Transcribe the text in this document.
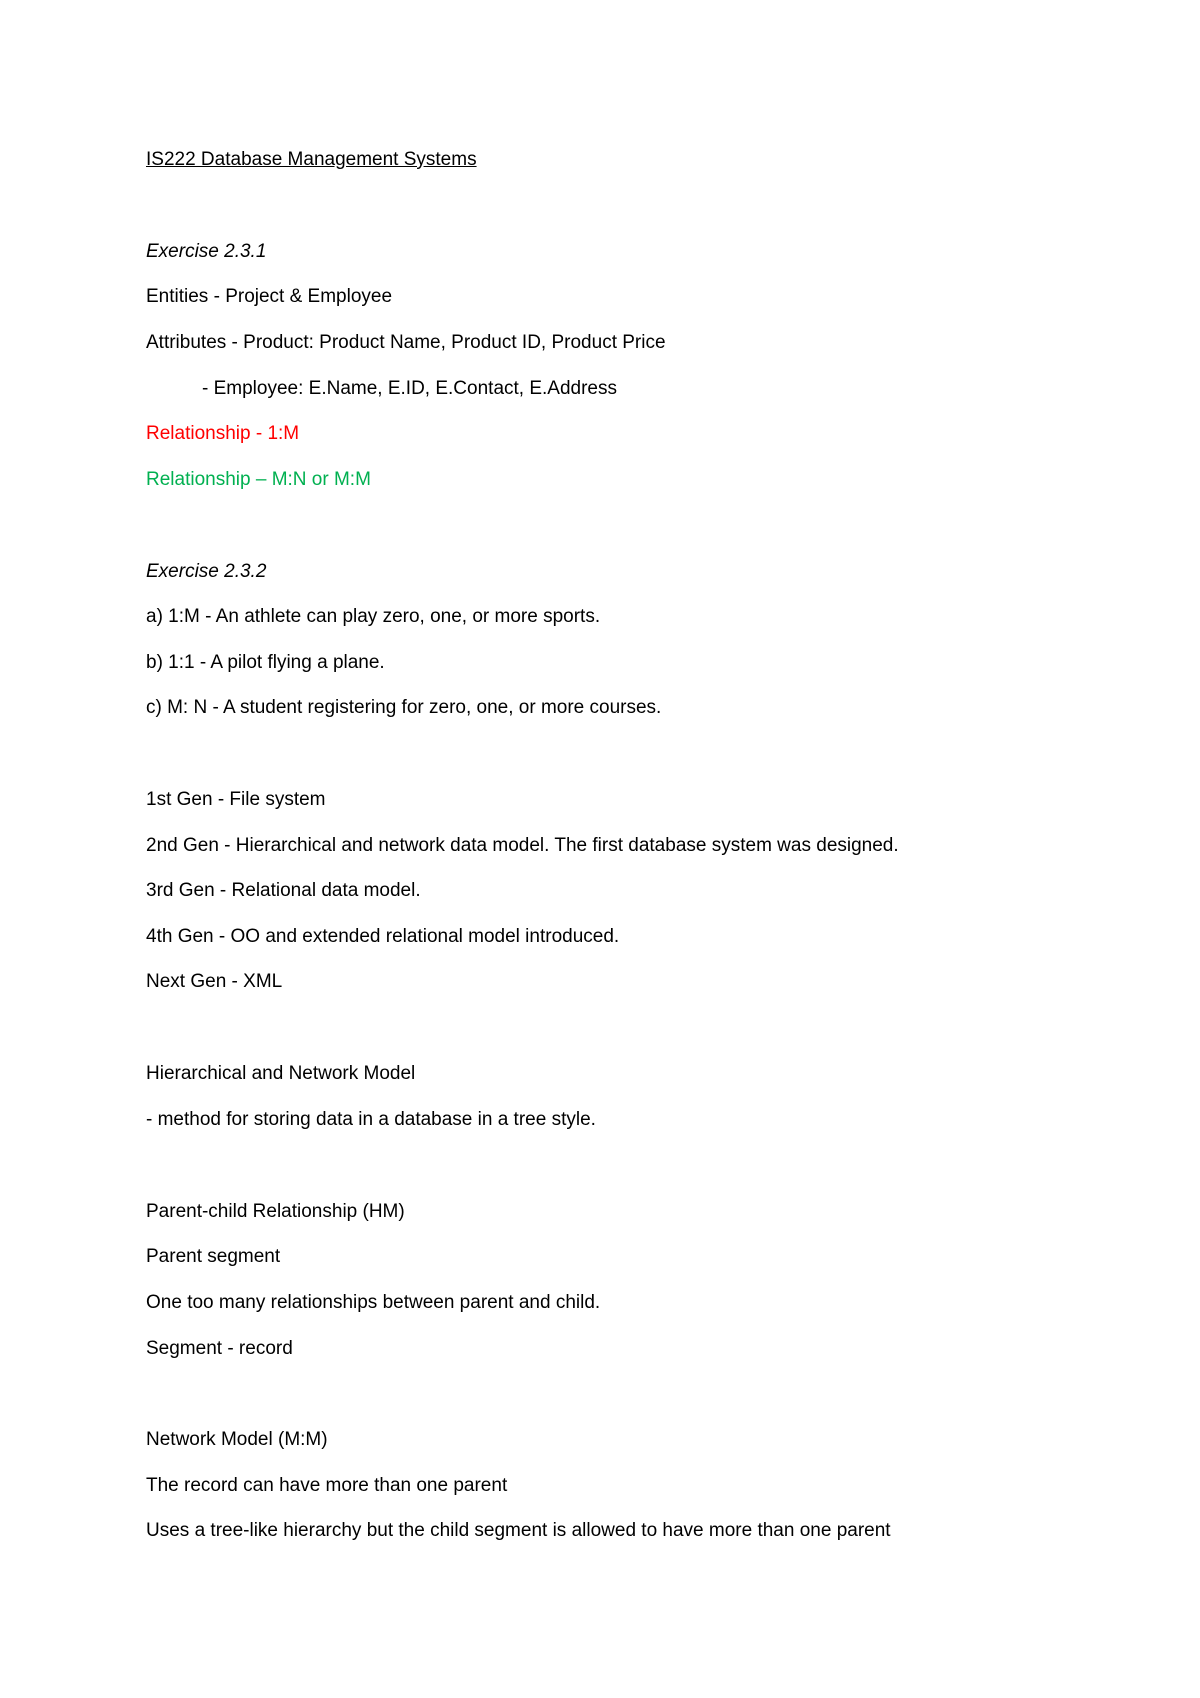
IS222 Database Management Systems
Exercise 2.3.1
Entities - Project & Employee
Attributes - Product: Product Name, Product ID, Product Price
- Employee: E.Name, E.ID, E.Contact, E.Address
Relationship - 1:M
Relationship – M:N or M:M
Exercise 2.3.2
a) 1:M - An athlete can play zero, one, or more sports.
b) 1:1 - A pilot flying a plane.
c) M: N - A student registering for zero, one, or more courses.
1st Gen - File system
2nd Gen - Hierarchical and network data model. The first database system was designed.
3rd Gen - Relational data model.
4th Gen - OO and extended relational model introduced.
Next Gen - XML
Hierarchical and Network Model
- method for storing data in a database in a tree style.
Parent-child Relationship (HM)
Parent segment
One too many relationships between parent and child.
Segment - record
Network Model (M:M)
The record can have more than one parent
Uses a tree-like hierarchy but the child segment is allowed to have more than one parent
